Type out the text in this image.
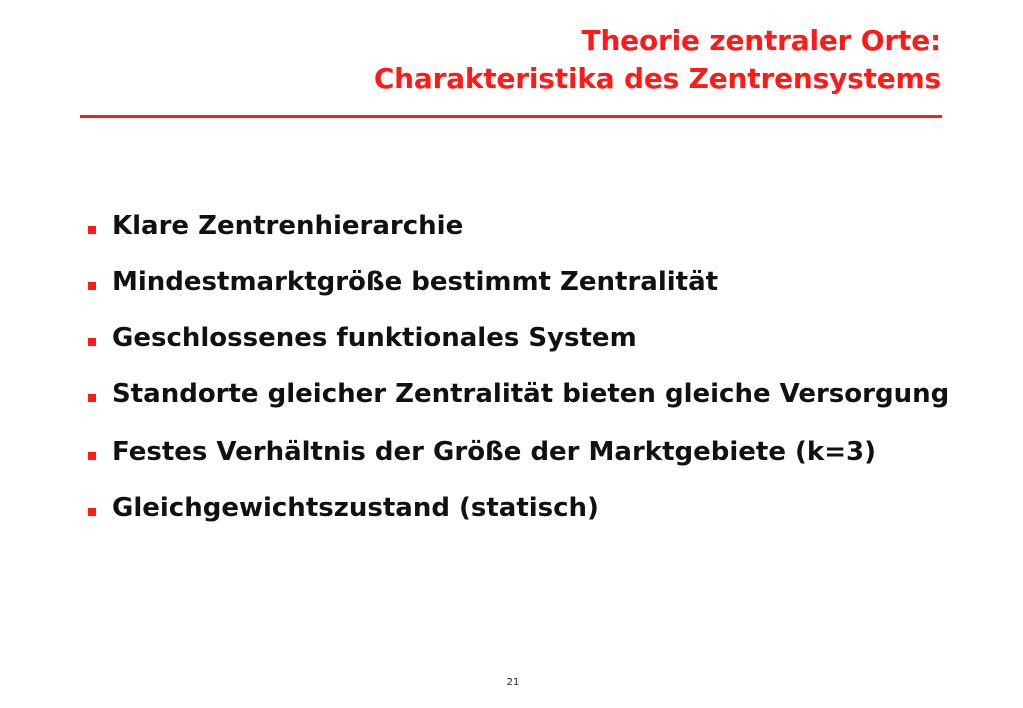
Theorie zentraler Orte:
Charakteristika des Zentrensystems
Klare Zentrenhierarchie
Mindestmarktgröße bestimmt Zentralität
Geschlossenes funktionales System
Standorte gleicher Zentralität bieten gleiche Versorgung
Festes Verhältnis der Größe der Marktgebiete (k=3)
Gleichgewichtszustand (statisch)
21
